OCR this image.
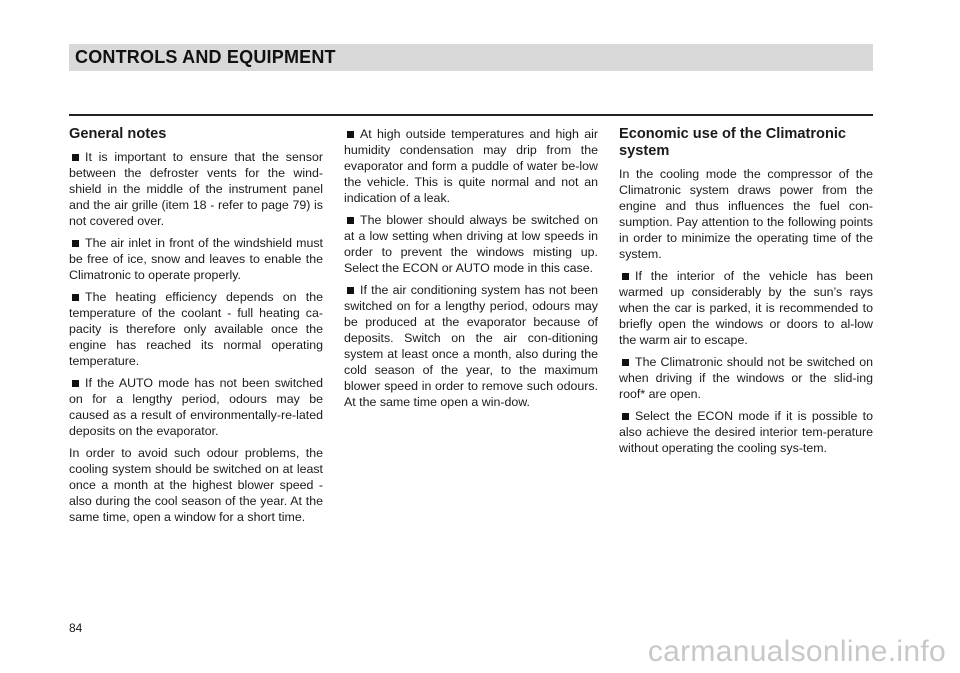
CONTROLS AND EQUIPMENT
General notes

It is important to ensure that the sensor between the defroster vents for the wind-shield in the middle of the instrument panel and the air grille (item 18 - refer to page 79) is not covered over.

The air inlet in front of the windshield must be free of ice, snow and leaves to enable the Climatronic to operate properly.

The heating efficiency depends on the temperature of the coolant - full heating ca-pacity is therefore only available once the engine has reached its normal operating temperature.

If the AUTO mode has not been switched on for a lengthy period, odours may be caused as a result of environmentally-re-lated deposits on the evaporator.

In order to avoid such odour problems, the cooling system should be switched on at least once a month at the highest blower speed - also during the cool season of the year. At the same time, open a window for a short time.

At high outside temperatures and high air humidity condensation may drip from the evaporator and form a puddle of water be-low the vehicle. This is quite normal and not an indication of a leak.

The blower should always be switched on at a low setting when driving at low speeds in order to prevent the windows misting up. Select the ECON or AUTO mode in this case.

If the air conditioning system has not been switched on for a lengthy period, odours may be produced at the evaporator because of deposits. Switch on the air con-ditioning system at least once a month, also during the cold season of the year, to the maximum blower speed in order to remove such odours. At the same time open a win-dow.

Economic use of the Climatronic system

In the cooling mode the compressor of the Climatronic system draws power from the engine and thus influences the fuel con-sumption. Pay attention to the following points in order to minimize the operating time of the system.

If the interior of the vehicle has been warmed up considerably by the sun’s rays when the car is parked, it is recommended to briefly open the windows or doors to al-low the warm air to escape.

The Climatronic should not be switched on when driving if the windows or the slid-ing roof* are open.

Select the ECON mode if it is possible to also achieve the desired interior tem-perature without operating the cooling sys-tem.

84
carmanualsonline.info
